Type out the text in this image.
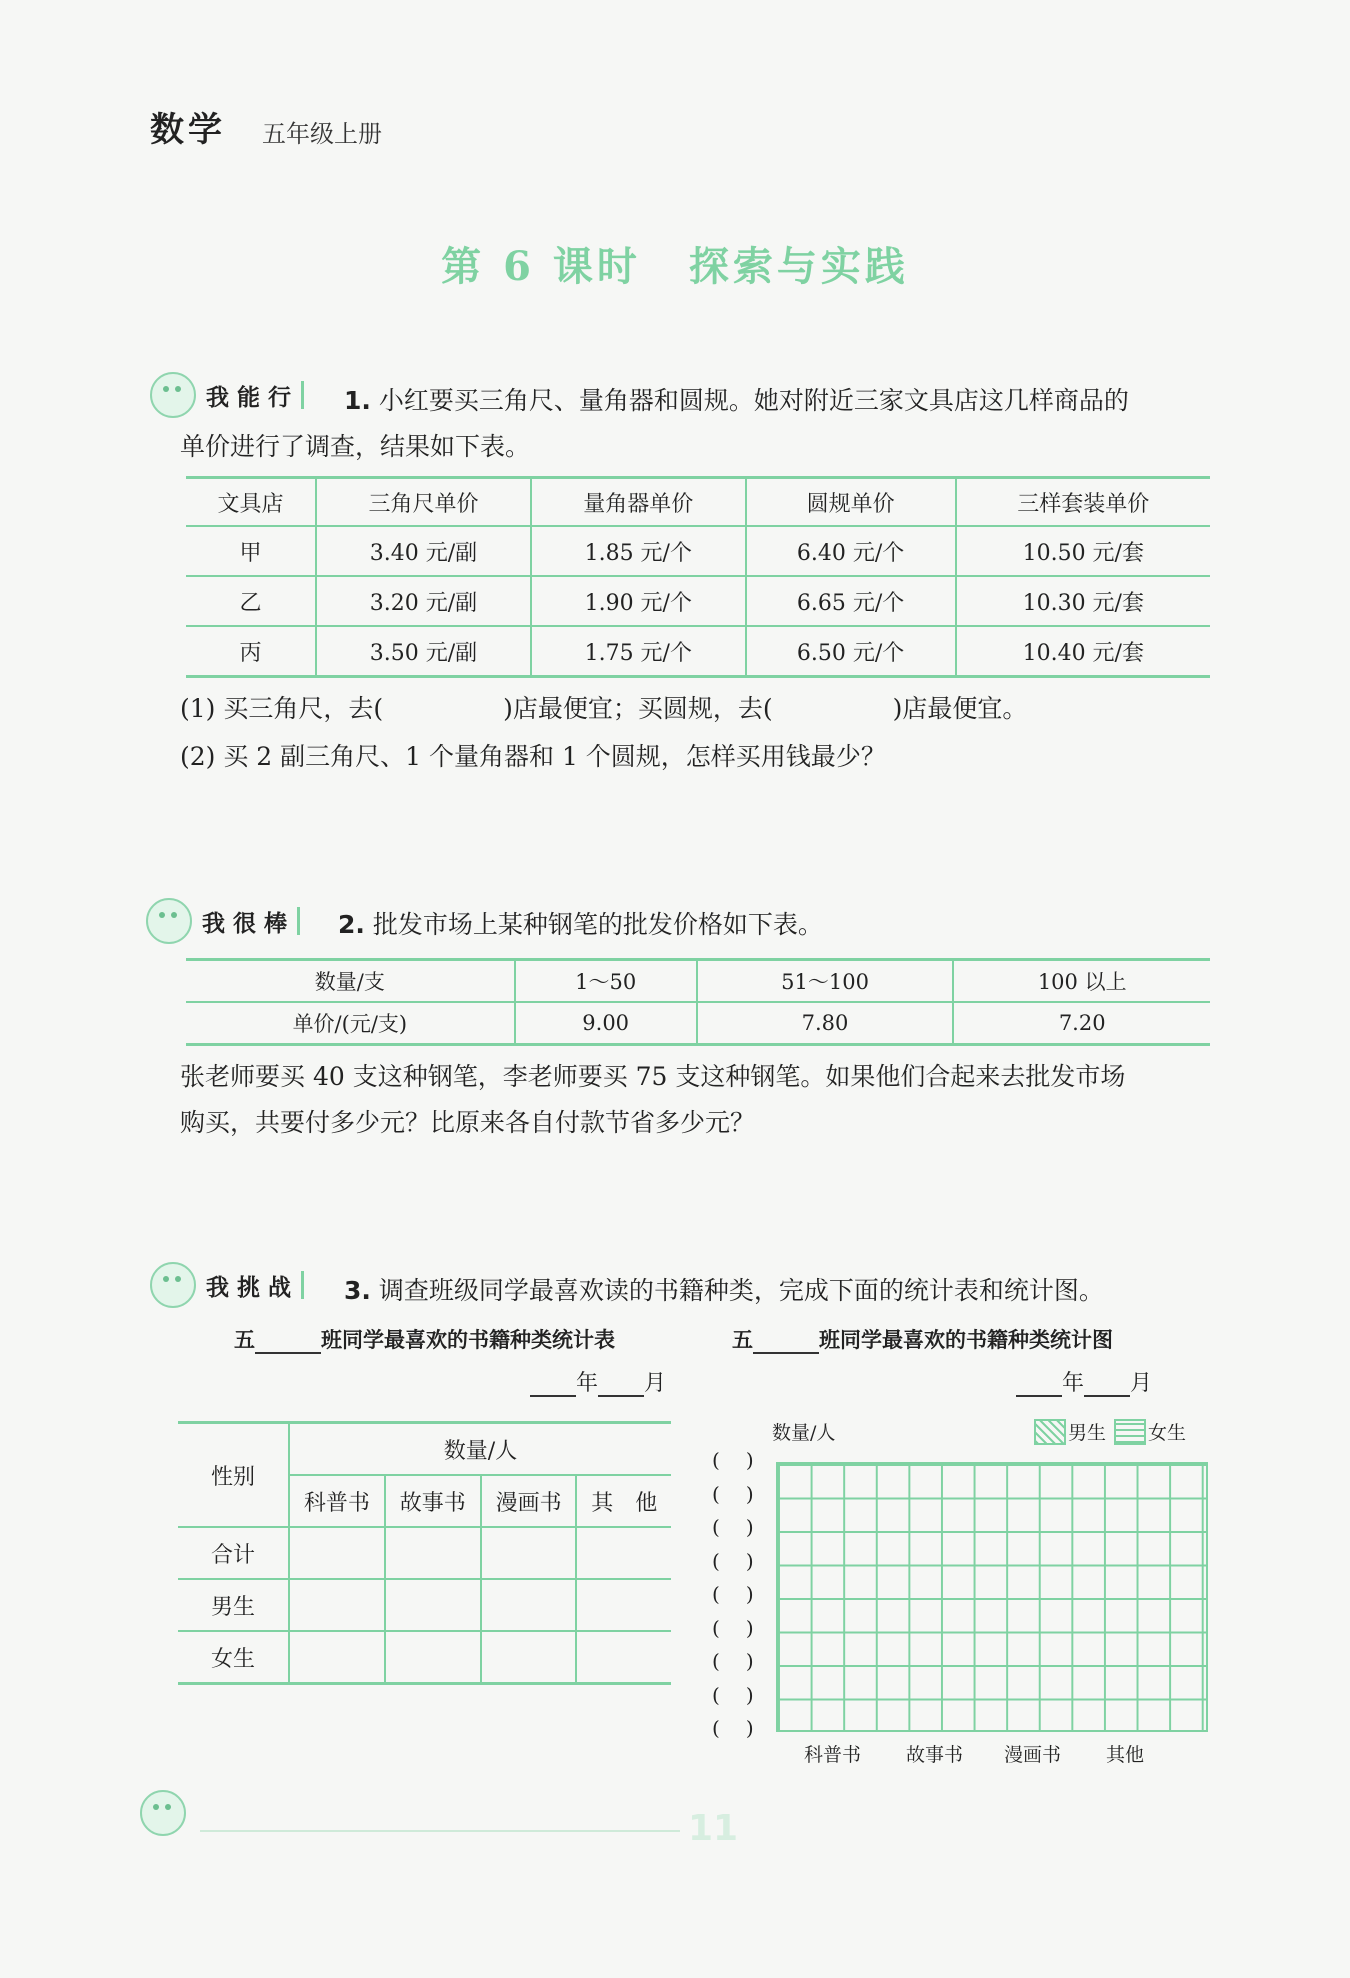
数学 五年级上册
第 6 课时 探索与实践
我能行 1. 小红要买三角尺、量角器和圆规。她对附近三家文具店这几样商品的
单价进行了调查，结果如下表。
文具店	三角尺单价	量角器单价	圆规单价	三样套装单价
甲	3.40 元/副	1.85 元/个	6.40 元/个	10.50 元/套
乙	3.20 元/副	1.90 元/个	6.65 元/个	10.30 元/套
丙	3.50 元/副	1.75 元/个	6.50 元/个	10.40 元/套
(1) 买三角尺，去(	)店最便宜；买圆规，去(	)店最便宜。
(2) 买 2 副三角尺、1 个量角器和 1 个圆规，怎样买用钱最少？
我很棒 2. 批发市场上某种钢笔的批发价格如下表。
数量/支	1～50	51～100	100 以上
单价/(元/支)	9.00	7.80	7.20
张老师要买 40 支这种钢笔，李老师要买 75 支这种钢笔。如果他们合起来去批发市场
购买，共要付多少元？比原来各自付款节省多少元？
我挑战 3. 调查班级同学最喜欢读的书籍种类，完成下面的统计表和统计图。
五	班同学最喜欢的书籍种类统计表
年 月
性别	数量/人			
	科普书	故事书	漫画书	其　他
合计				
男生				
女生				
五	班同学最喜欢的书籍种类统计图
年 月
数量/人	男生 女生
( )
( )
( )
( )
( )
( )
( )
( )
( )
科普书 故事书 漫画书 其他
11
